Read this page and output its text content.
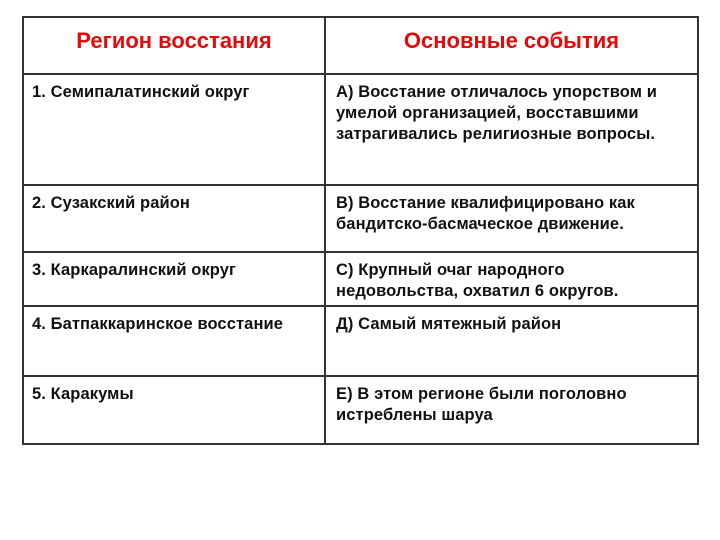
Регион восстания	Основные события
1. Семипалатинский округ	А) Восстание отличалось упорством и умелой организацией, восставшими затрагивались религиозные вопросы.
2. Сузакский район	В) Восстание квалифицировано как бандитско-басмаческое движение.
3. Каркаралинский округ	С) Крупный очаг народного недовольства, охватил 6 округов.
4. Батпаккаринское восстание	Д) Самый мятежный район
5. Каракумы	Е) В этом регионе были поголовно истреблены шаруа
